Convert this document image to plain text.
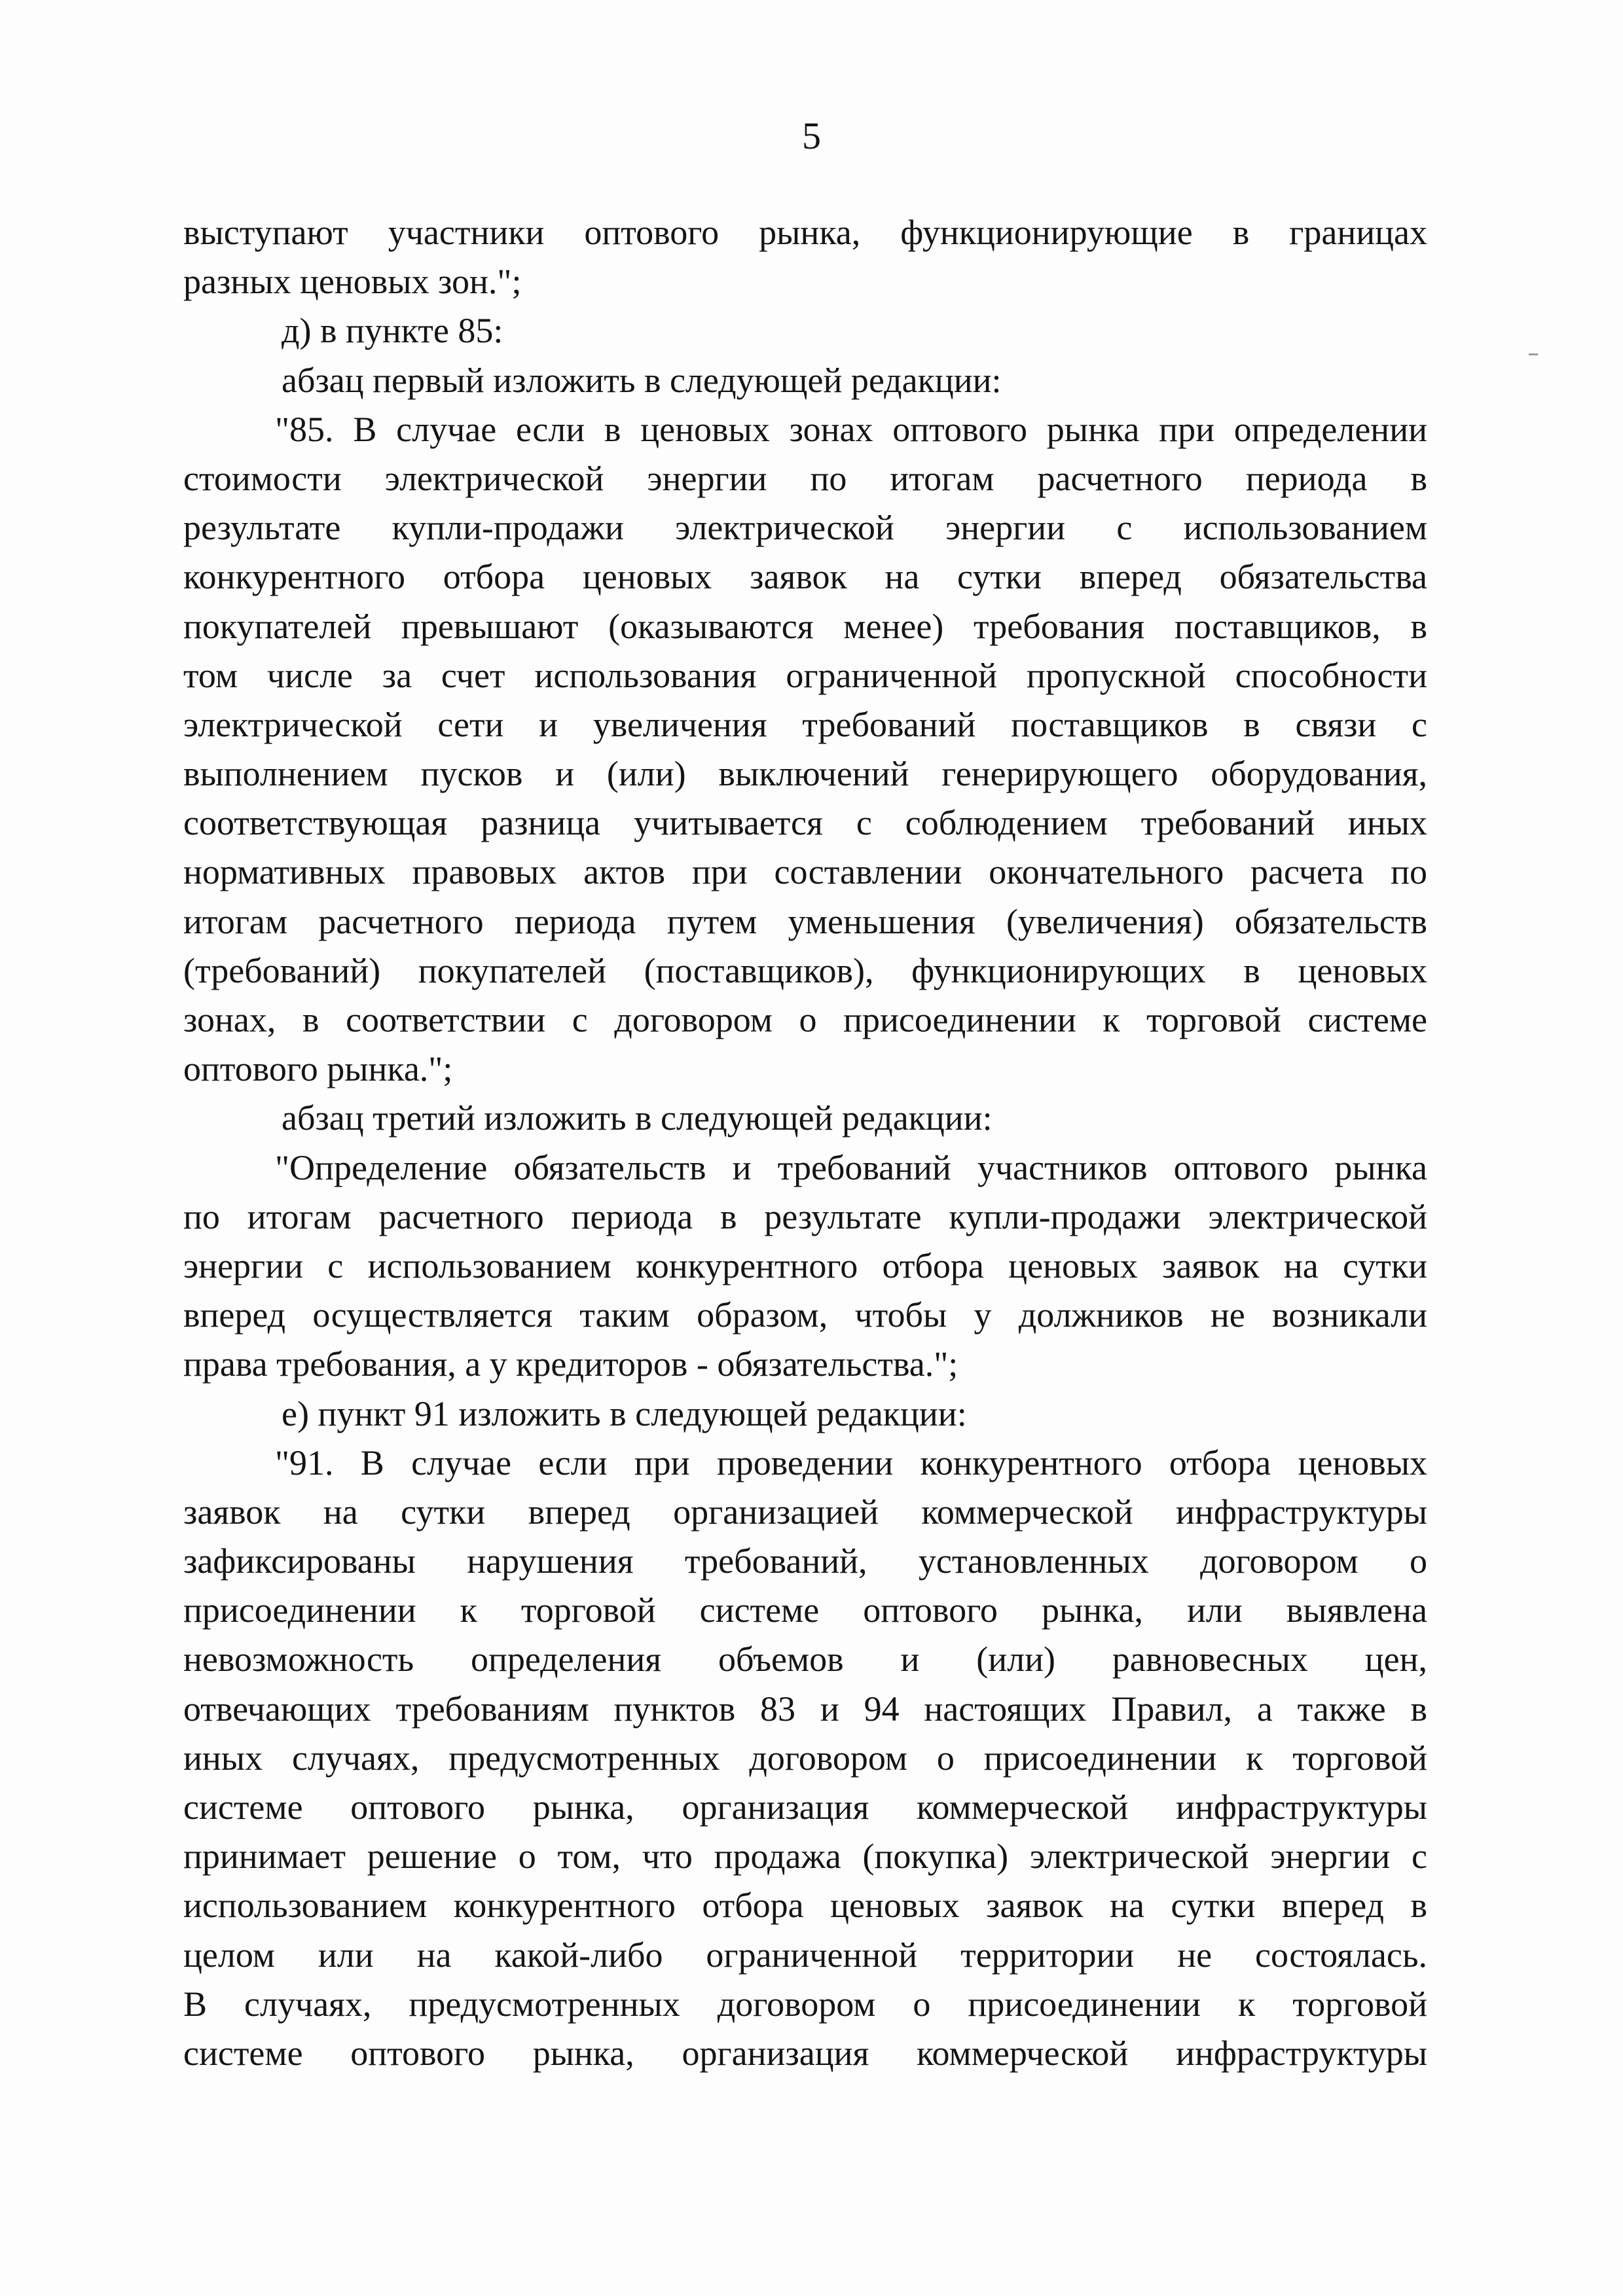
5
выступают участники оптового рынка, функционирующие в границах
разных ценовых зон.";
д) в пункте 85:
абзац первый изложить в следующей редакции:
"85. В случае если в ценовых зонах оптового рынка при определении
стоимости электрической энергии по итогам расчетного периода в
результате купли-продажи электрической энергии с использованием
конкурентного отбора ценовых заявок на сутки вперед обязательства
покупателей превышают (оказываются менее) требования поставщиков, в
том числе за счет использования ограниченной пропускной способности
электрической сети и увеличения требований поставщиков в связи с
выполнением пусков и (или) выключений генерирующего оборудования,
соответствующая разница учитывается с соблюдением требований иных
нормативных правовых актов при составлении окончательного расчета по
итогам расчетного периода путем уменьшения (увеличения) обязательств
(требований) покупателей (поставщиков), функционирующих в ценовых
зонах, в соответствии с договором о присоединении к торговой системе
оптового рынка.";
абзац третий изложить в следующей редакции:
"Определение обязательств и требований участников оптового рынка
по итогам расчетного периода в результате купли-продажи электрической
энергии с использованием конкурентного отбора ценовых заявок на сутки
вперед осуществляется таким образом, чтобы у должников не возникали
права требования, а у кредиторов - обязательства.";
е) пункт 91 изложить в следующей редакции:
"91. В случае если при проведении конкурентного отбора ценовых
заявок на сутки вперед организацией коммерческой инфраструктуры
зафиксированы нарушения требований, установленных договором о
присоединении к торговой системе оптового рынка, или выявлена
невозможность определения объемов и (или) равновесных цен,
отвечающих требованиям пунктов 83 и 94 настоящих Правил, а также в
иных случаях, предусмотренных договором о присоединении к торговой
системе оптового рынка, организация коммерческой инфраструктуры
принимает решение о том, что продажа (покупка) электрической энергии с
использованием конкурентного отбора ценовых заявок на сутки вперед в
целом или на какой-либо ограниченной территории не состоялась.
В случаях, предусмотренных договором о присоединении к торговой
системе оптового рынка, организация коммерческой инфраструктуры
